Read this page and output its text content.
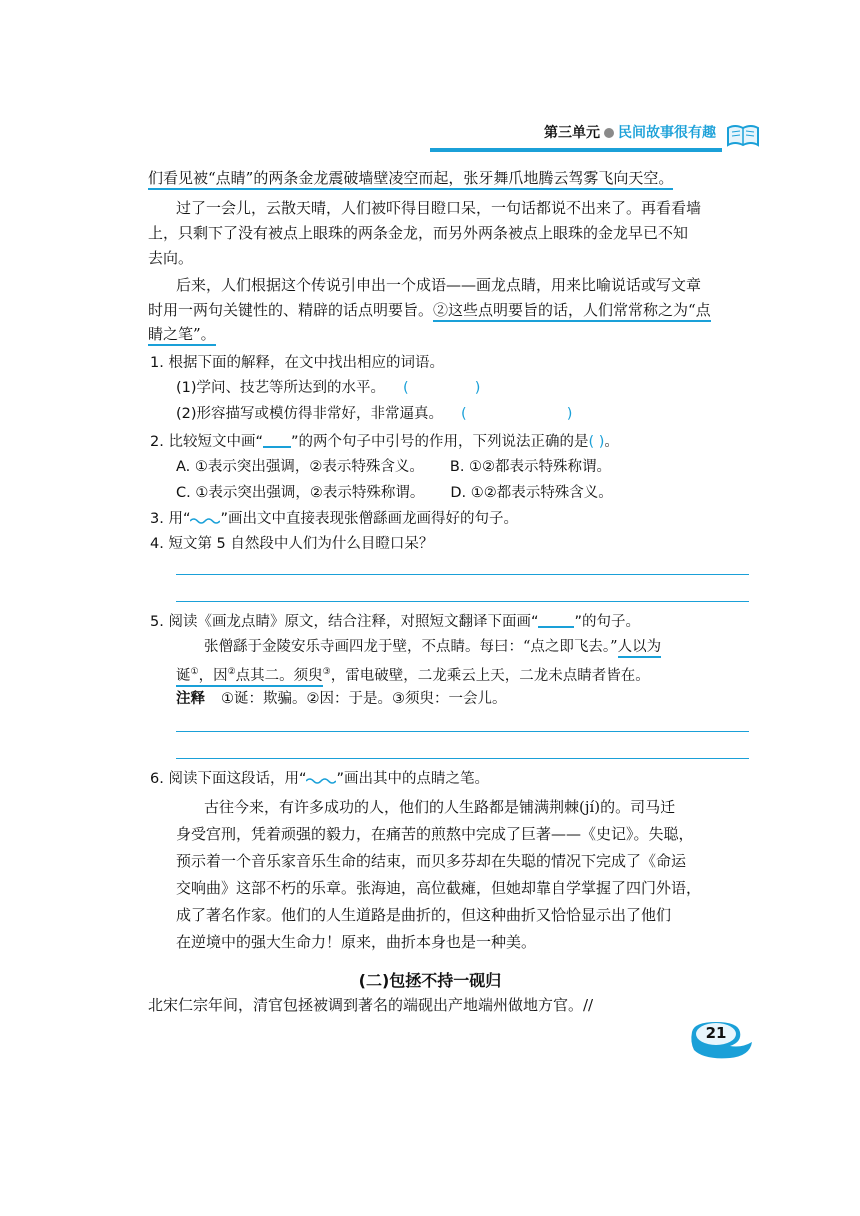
第三单元 民间故事很有趣
们看见被“点睛”的两条金龙震破墙壁凌空而起，张牙舞爪地腾云驾雾飞向天空。
过了一会儿，云散天晴，人们被吓得目瞪口呆，一句话都说不出来了。再看看墙
上，只剩下了没有被点上眼珠的两条金龙，而另外两条被点上眼珠的金龙早已不知
去向。
后来，人们根据这个传说引申出一个成语——画龙点睛，用来比喻说话或写文章
时用一两句关键性的、精辟的话点明要旨。②这些点明要旨的话，人们常常称之为“点
睛之笔”。
1. 根据下面的解释，在文中找出相应的词语。
(1)学问、技艺等所达到的水平。 (	)
(2)形容描写或模仿得非常好，非常逼真。 (	)
2. 比较短文中画“ ”的两个句子中引号的作用，下列说法正确的是( )。
A. ①表示突出强调，②表示特殊含义。 B. ①②都表示特殊称谓。
C. ①表示突出强调，②表示特殊称谓。 D. ①②都表示特殊含义。
3. 用“ ”画出文中直接表现张僧繇画龙画得好的句子。
4. 短文第 5 自然段中人们为什么目瞪口呆？
5. 阅读《画龙点睛》原文，结合注释，对照短文翻译下面画“ ”的句子。
张僧繇于金陵安乐寺画四龙于壁，不点睛。每曰：“点之即飞去。”人以为
诞①，因②点其二。须臾③，雷电破壁，二龙乘云上天，二龙未点睛者皆在。
注释 ①诞：欺骗。②因：于是。③须臾：一会儿。
6. 阅读下面这段话，用“ ”画出其中的点睛之笔。
古往今来，有许多成功的人，他们的人生路都是铺满荆棘(jí)的。司马迁
身受宫刑，凭着顽强的毅力，在痛苦的煎熬中完成了巨著——《史记》。失聪，
预示着一个音乐家音乐生命的结束，而贝多芬却在失聪的情况下完成了《命运
交响曲》这部不朽的乐章。张海迪，高位截瘫，但她却靠自学掌握了四门外语，
成了著名作家。他们的人生道路是曲折的，但这种曲折又恰恰显示出了他们
在逆境中的强大生命力！原来，曲折本身也是一种美。
(二)包拯不持一砚归
北宋仁宗年间，清官包拯被调到著名的端砚出产地端州做地方官。//
21
